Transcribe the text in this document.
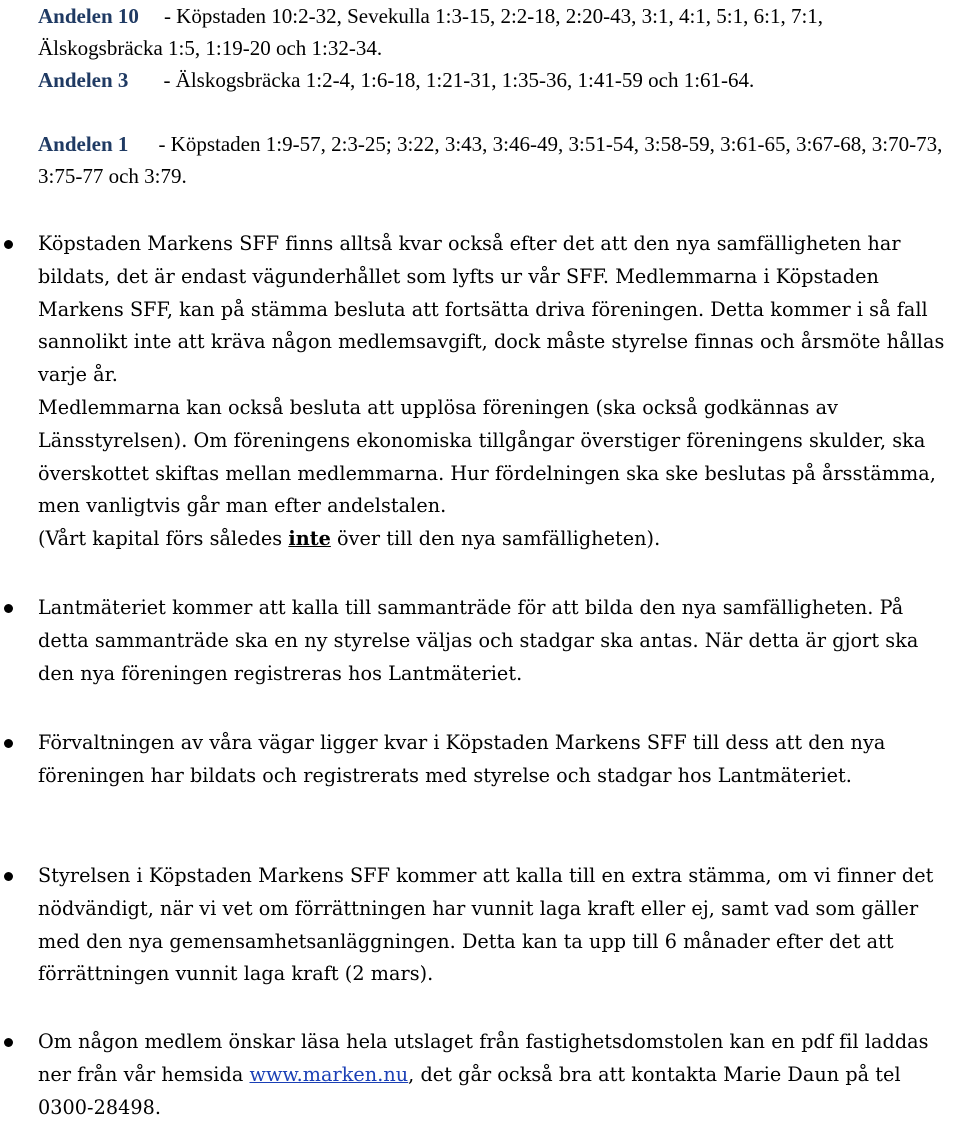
Andelen 10 - Köpstaden 10:2-32, Sevekulla 1:3-15, 2:2-18, 2:20-43, 3:1, 4:1, 5:1, 6:1, 7:1, Älskogsbräcka 1:5, 1:19-20 och 1:32-34.

Andelen 3 - Älskogsbräcka 1:2-4, 1:6-18, 1:21-31, 1:35-36, 1:41-59 och 1:61-64.

Andelen 1 - Köpstaden 1:9-57, 2:3-25; 3:22, 3:43, 3:46-49, 3:51-54, 3:58-59, 3:61-65, 3:67-68, 3:70-73, 3:75-77 och 3:79.

Köpstaden Markens SFF finns alltså kvar också efter det att den nya samfälligheten har bildats, det är endast vägunderhållet som lyfts ur vår SFF. Medlemmarna i Köpstaden Markens SFF, kan på stämma besluta att fortsätta driva föreningen. Detta kommer i så fall sannolikt inte att kräva någon medlemsavgift, dock måste styrelse finnas och årsmöte hållas varje år.
Medlemmarna kan också besluta att upplösa föreningen (ska också godkännas av Länsstyrelsen). Om föreningens ekonomiska tillgångar överstiger föreningens skulder, ska överskottet skiftas mellan medlemmarna. Hur fördelningen ska ske beslutas på årsstämma, men vanligtvis går man efter andelstalen.
(Vårt kapital förs således inte över till den nya samfälligheten).
Lantmäteriet kommer att kalla till sammanträde för att bilda den nya samfälligheten. På detta sammanträde ska en ny styrelse väljas och stadgar ska antas. När detta är gjort ska den nya föreningen registreras hos Lantmäteriet.
Förvaltningen av våra vägar ligger kvar i Köpstaden Markens SFF till dess att den nya föreningen har bildats och registrerats med styrelse och stadgar hos Lantmäteriet.
Styrelsen i Köpstaden Markens SFF kommer att kalla till en extra stämma, om vi finner det nödvändigt, när vi vet om förrättningen har vunnit laga kraft eller ej, samt vad som gäller med den nya gemensamhetsanläggningen. Detta kan ta upp till 6 månader efter det att förrättningen vunnit laga kraft (2 mars).
Om någon medlem önskar läsa hela utslaget från fastighetsdomstolen kan en pdf fil laddas ner från vår hemsida www.marken.nu, det går också bra att kontakta Marie Daun på tel 0300-28498.
